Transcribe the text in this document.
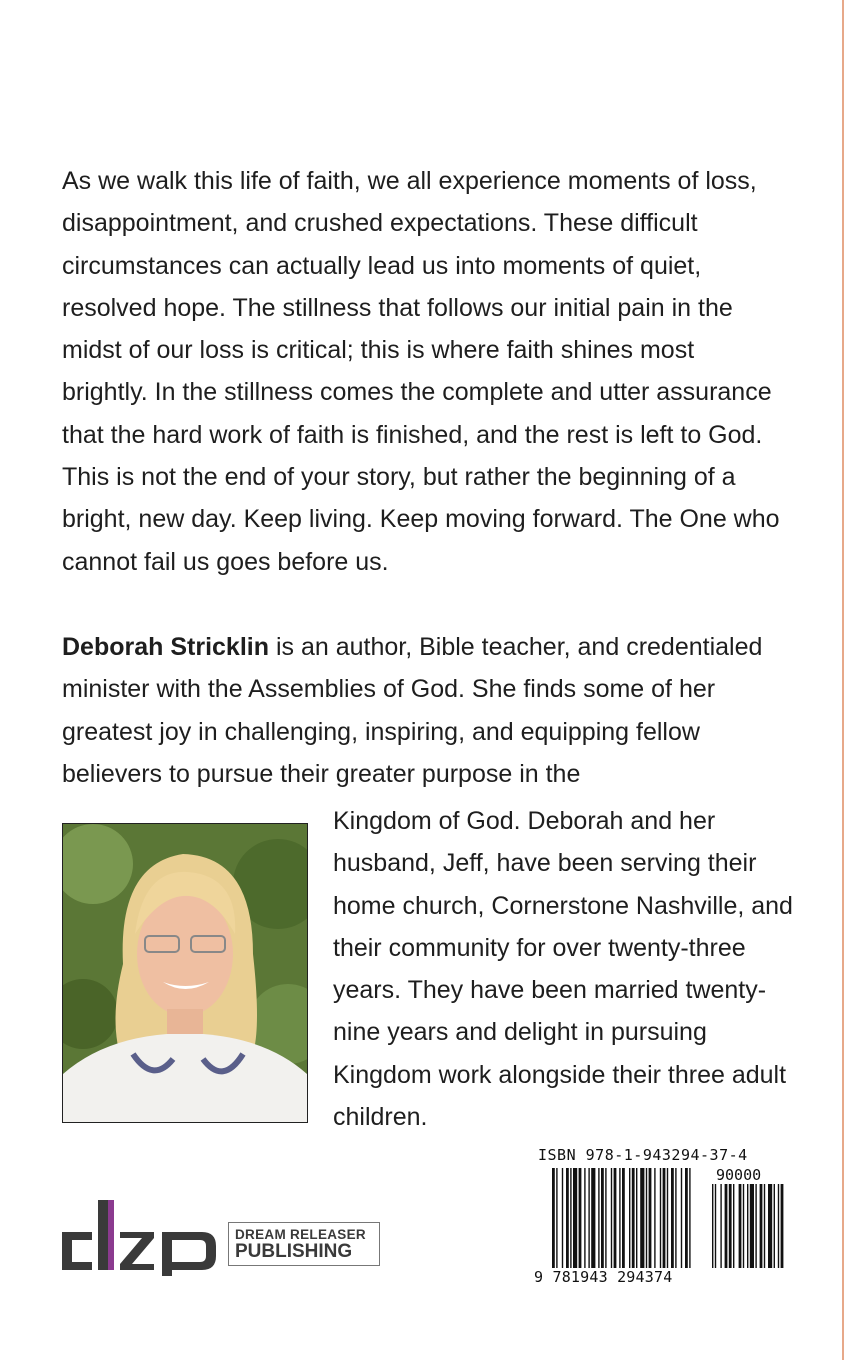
As we walk this life of faith, we all experience moments of loss, disappointment, and crushed expectations. These difficult circumstances can actually lead us into moments of quiet, resolved hope. The stillness that follows our initial pain in the midst of our loss is critical; this is where faith shines most brightly. In the stillness comes the complete and utter assurance that the hard work of faith is finished, and the rest is left to God. This is not the end of your story, but rather the beginning of a bright, new day. Keep living. Keep moving forward. The One who cannot fail us goes before us.

Deborah Stricklin is an author, Bible teacher, and credentialed minister with the Assemblies of God. She finds some of her greatest joy in challenging, inspiring, and equipping fellow believers to pursue their greater purpose in the

Kingdom of God. Deborah and her husband, Jeff, have been serving their home church, Cornerstone Nashville, and their community for over twenty-three years. They have been married twenty-nine years and delight in pursuing Kingdom work alongside their three adult children.

DREAM RELEASER
PUBLISHING
ISBN 978-1-943294-37-4
90000
9 781943 294374
